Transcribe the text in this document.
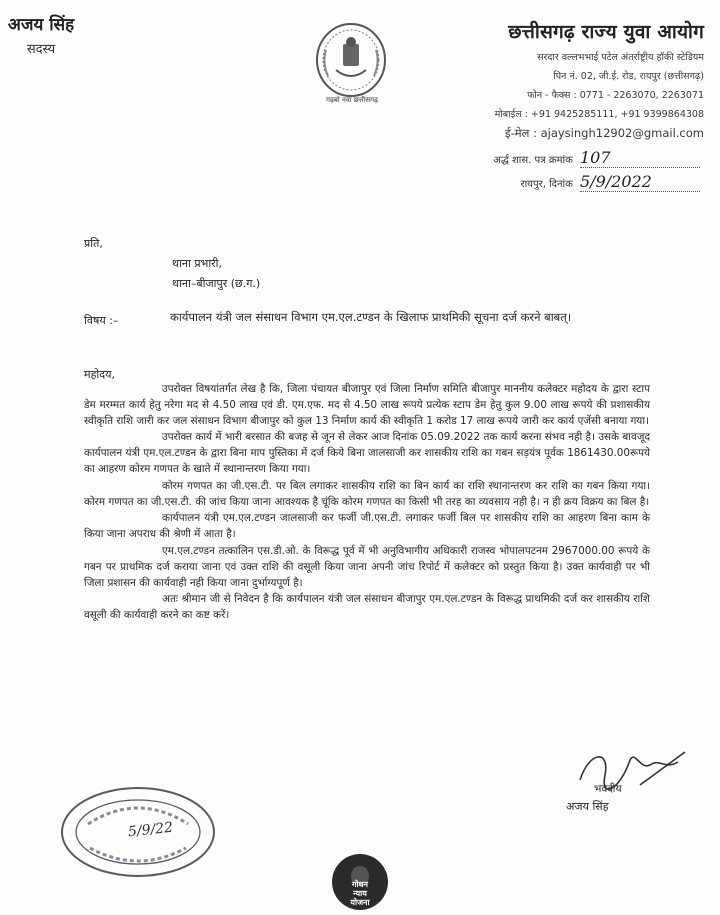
अजय सिंह
सदस्य
गढ़बो नवा छत्तीसगढ़
छत्तीसगढ़ राज्य युवा आयोग
सरदार वल्लभभाई पटेल अंतर्राष्ट्रीय हॉकी स्टेडियम
पिन नं. 02, जी.ई. रोड, रायपुर (छत्तीसगढ़)
फोन - फैक्स : 0771 - 2263070, 2263071
मोबाईल : +91 9425285111, +91 9399864308
ई-मेल : ajaysingh12902@gmail.com
अर्द्ध शास. पत्र क्रमांक 107
रायपुर, दिनांक 5/9/2022
प्रति,
थाना प्रभारी,
थाना–बीजापुर (छ.ग.)
विषय :–	कार्यपालन यंत्री जल संसाधन विभाग एम.एल.टण्डन के खिलाफ प्राथमिकी सूचना दर्ज करने बाबत्।
महोदय,

उपरोक्त विषयांतर्गत लेख है कि, जिला पंचायत बीजापुर एवं जिला निर्माण समिति बीजापुर माननीय कलेक्टर महोदय के द्वारा स्टाप डेम मरम्मत कार्य हेतु नरेगा मद से 4.50 लाख एवं डी. एम.एफ. मद से 4.50 लाख रूपये प्रत्येक स्टाप डेम हेतु कुल 9.00 लाख रूपये की प्रशासकीय स्वीकृति राशि जारी कर जल संसाधन विभाग बीजापुर को कुल 13 निर्माण कार्य की स्वीकृति 1 करोड 17 लाख रूपये जारी कर कार्य एजेंसी बनाया गया।

उपरोक्त कार्य में भारी बरसात की बजह से जून से लेकर आज दिनांक 05.09.2022 तक कार्य करना संभव नही है। उसके बावजूद कार्यपालन यंत्री एम.एल.टण्डन के द्वारा बिना माप पुस्तिका में दर्ज किये बिना जालसाजी कर शासकीय राशि का गबन सड़यंत्र पूर्वक 1861430.00रूपये का आहरण कोरम गणपत के खाते में स्थानान्तरण किया गया।

कोरम गणपत का जी.एस.टी. पर बिल लगाकर शासकीय राशि का बिन कार्य का राशि स्थानान्तरण कर राशि का गबन किया गया। कोरम गणपत का जी.एस.टी. की जांच किया जाना आवश्यक है चूंकि कोरम गणपत का किसी भी तरह का व्यवसाय नही है। न ही क्रय विक्रय का बिल है।

कार्यपालन यंत्री एम.एल.टण्डन जालसाजी कर फर्जी जी.एस.टी. लगाकर फर्जी बिल पर शासकीय राशि का आहरण बिना काम के किया जाना अपराध की श्रेणी में आता है।

एम.एल.टण्डन तत्कालिन एस.डी.ओ. के विरूद्ध पूर्व में भी अनुविभागीय अधिकारी राजस्व भोपालपटनम 2967000.00 रूपये के गबन पर प्राथमिक दर्ज कराया जाना एवं उक्त राशि की वसूली किया जाना अपनी जांच रिपोर्ट में कलेक्टर को प्रस्तुत किया है। उक्त कार्यवाही पर भी जिला प्रशासन की कार्यवाही नही किया जाना दुर्भाग्यपूर्ण है।

अतः श्रीमान जी से निवेदन है कि कार्यपालन यंत्री जल संसाधन बीजापुर एम.एल.टण्डन के विरूद्ध प्राथमिकी दर्ज कर शासकीय राशि वसूली की कार्यवाही करने का कष्ट करें।

भवदीय
अजय सिंह
5/9/22
गोधन
न्याय
योजना
